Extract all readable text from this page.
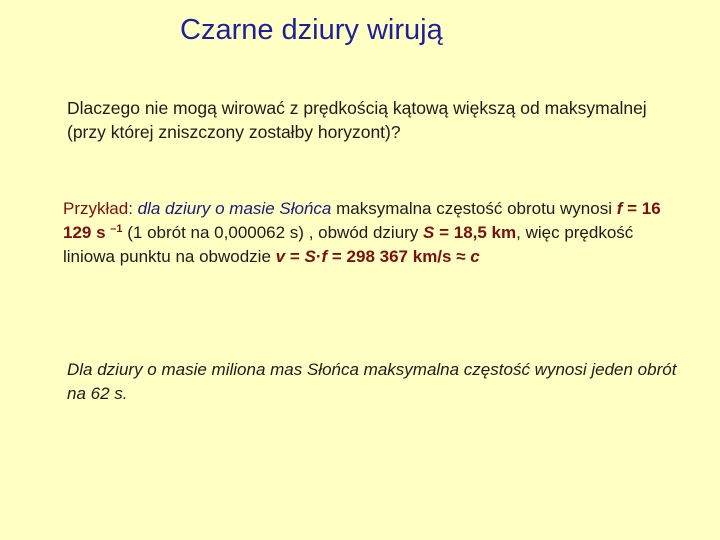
Czarne dziury wirują
Dlaczego nie mogą wirować z prędkością kątową większą od maksymalnej (przy której zniszczony zostałby horyzont)?
Przykład: dla dziury o masie Słońca maksymalna częstość obrotu wynosi f = 16 129 s $^{-1}$ (1 obrót na 0,000062 s) , obwód dziury S = 18,5 km, więc prędkość liniowa punktu na obwodzie v = S·f = 298 367 km/s ≈ c
Dla dziury o masie miliona mas Słońca maksymalna częstość wynosi jeden obrót na 62 s.
